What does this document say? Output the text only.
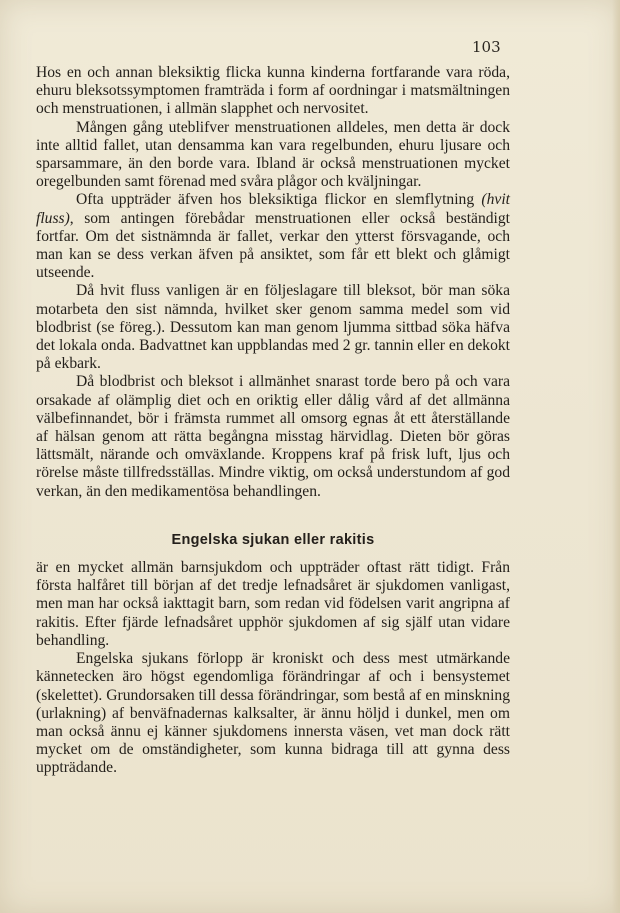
103

Hos en och annan bleksiktig flicka kunna kinderna fortfarande vara röda, ehuru bleksotssymptomen framträda i form af oordningar i matsmältningen och menstruationen, i allmän slapphet och nervositet.

Mången gång uteblifver menstruationen alldeles, men detta är dock inte alltid fallet, utan densamma kan vara regelbunden, ehuru ljusare och sparsammare, än den borde vara. Ibland är också menstruationen mycket oregelbunden samt förenad med svåra plågor och kväljningar.

Ofta uppträder äfven hos bleksiktiga flickor en slemflytning (hvit fluss), som antingen förebådar menstruationen eller också beständigt fortfar. Om det sistnämnda är fallet, verkar den ytterst försvagande, och man kan se dess verkan äfven på ansiktet, som får ett blekt och glåmigt utseende.

Då hvit fluss vanligen är en följeslagare till bleksot, bör man söka motarbeta den sist nämnda, hvilket sker genom samma medel som vid blodbrist (se föreg.). Dessutom kan man genom ljumma sittbad söka häfva det lokala onda. Badvattnet kan uppblandas med 2 gr. tannin eller en dekokt på ekbark.

Då blodbrist och bleksot i allmänhet snarast torde bero på och vara orsakade af olämplig diet och en oriktig eller dålig vård af det allmänna välbefinnandet, bör i främsta rummet all omsorg egnas åt ett återställande af hälsan genom att rätta begångna misstag härvidlag. Dieten bör göras lättsmält, närande och omväxlande. Kroppens kraf på frisk luft, ljus och rörelse måste tillfredsställas. Mindre viktig, om också understundom af god verkan, än den medikamentösa behandlingen.

Engelska sjukan eller rakitis

är en mycket allmän barnsjukdom och uppträder oftast rätt tidigt. Från första halfåret till början af det tredje lefnadsåret är sjukdomen vanligast, men man har också iakttagit barn, som redan vid födelsen varit angripna af rakitis. Efter fjärde lefnadsåret upphör sjukdomen af sig själf utan vidare behandling.

Engelska sjukans förlopp är kroniskt och dess mest utmärkande kännetecken äro högst egendomliga förändringar af och i bensystemet (skelettet). Grundorsaken till dessa förändringar, som bestå af en minskning (urlakning) af benväfnadernas kalksalter, är ännu höljd i dunkel, men om man också ännu ej känner sjukdomens innersta väsen, vet man dock rätt mycket om de omständigheter, som kunna bidraga till att gynna dess uppträdande.
